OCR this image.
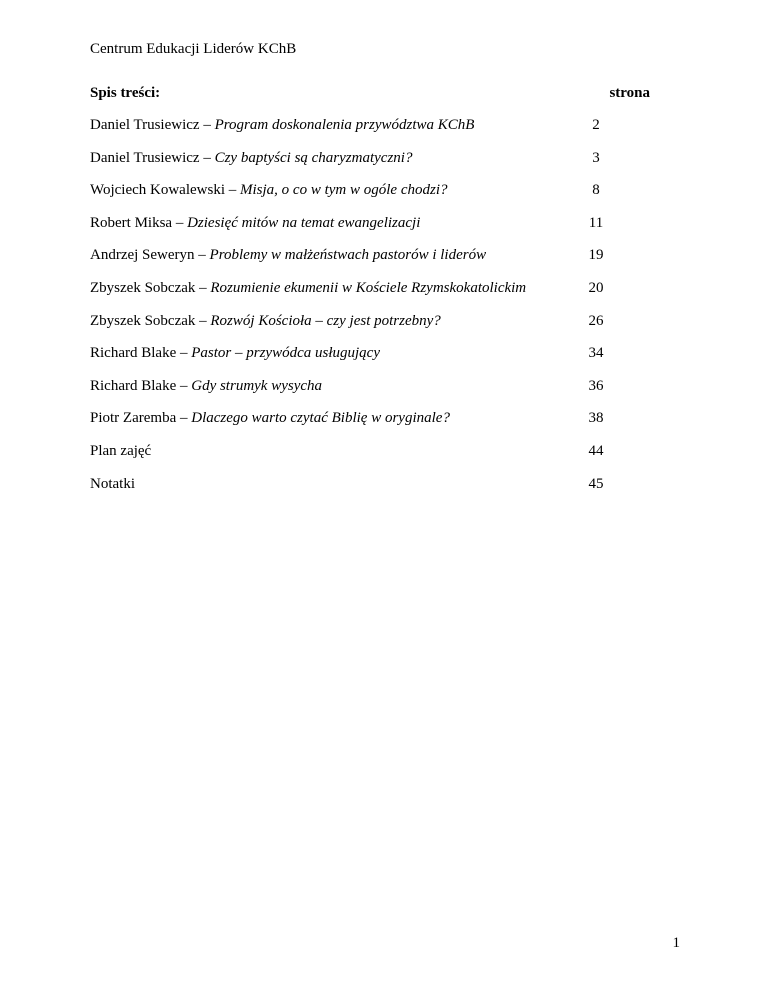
Centrum Edukacji Liderów KChB
Spis treści:	strona
Daniel Trusiewicz – Program doskonalenia przywództwa KChB	2
Daniel Trusiewicz – Czy baptyści są charyzmatyczni?	3
Wojciech Kowalewski – Misja, o co w tym w ogóle chodzi?	8
Robert Miksa – Dziesięć mitów na temat ewangelizacji	11
Andrzej Seweryn – Problemy w małżeństwach pastorów i liderów	19
Zbyszek Sobczak – Rozumienie ekumenii w Kościele Rzymskokatolickim	20
Zbyszek Sobczak – Rozwój Kościoła – czy jest potrzebny?	26
Richard Blake – Pastor – przywódca usługujący	34
Richard Blake – Gdy strumyk wysycha	36
Piotr Zaremba – Dlaczego warto czytać Biblię w oryginale?	38
Plan zajęć	44
Notatki	45
1
